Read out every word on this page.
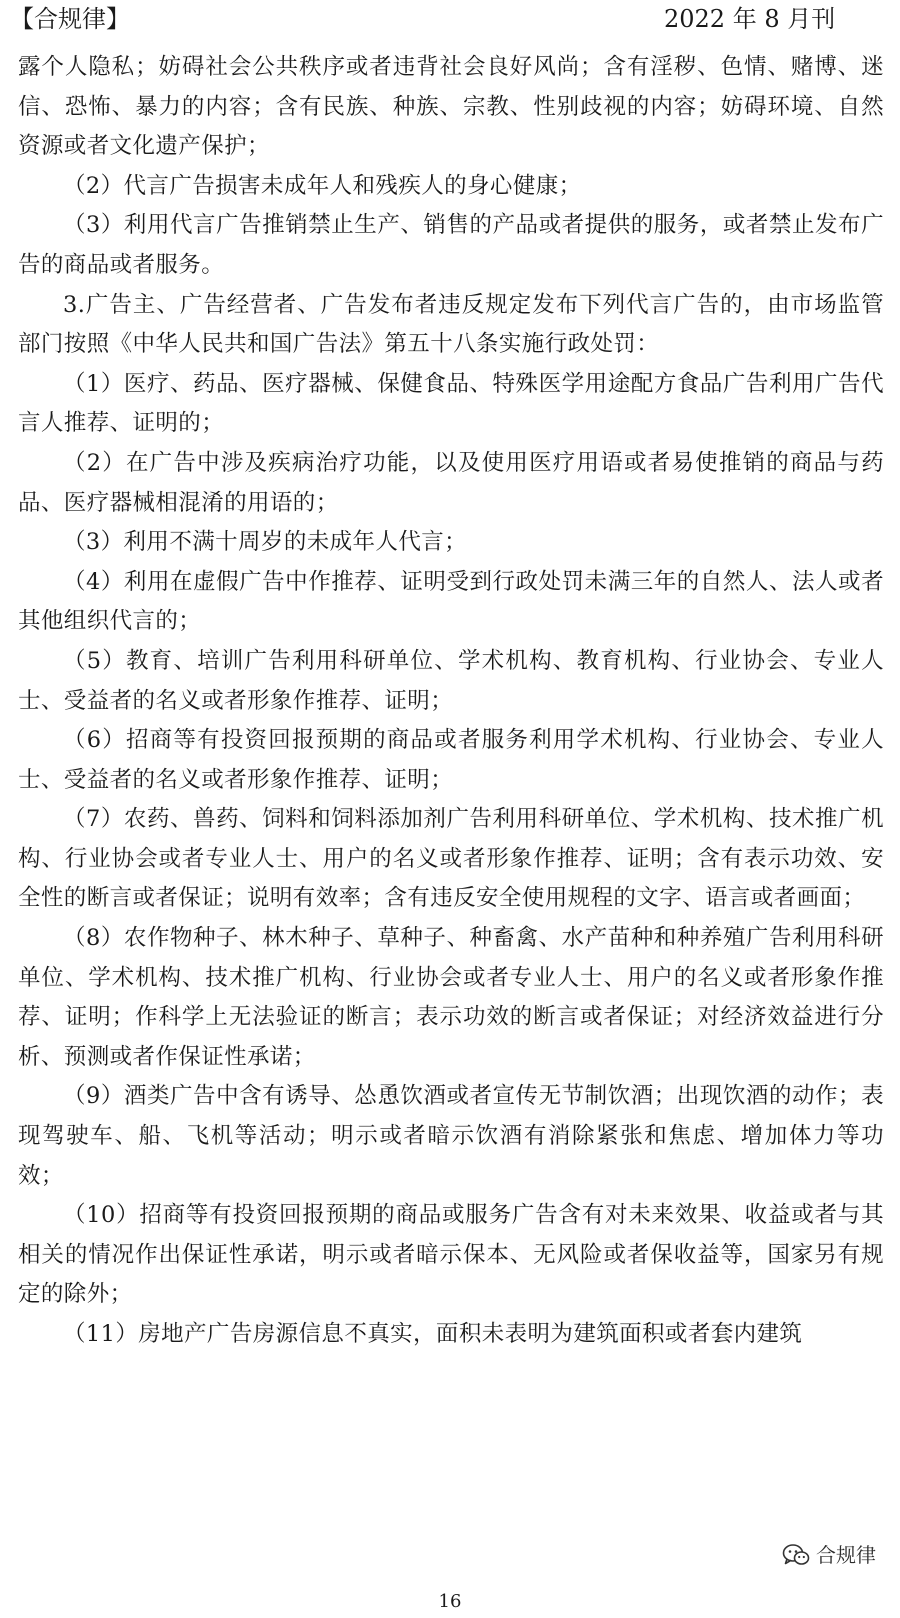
【合规律】	2022 年 8 月刊

露个人隐私；妨碍社会公共秩序或者违背社会良好风尚；含有淫秽、色情、赌博、迷信、恐怖、暴力的内容；含有民族、种族、宗教、性别歧视的内容；妨碍环境、自然资源或者文化遗产保护；

（2）代言广告损害未成年人和残疾人的身心健康；

（3）利用代言广告推销禁止生产、销售的产品或者提供的服务，或者禁止发布广告的商品或者服务。

3.广告主、广告经营者、广告发布者违反规定发布下列代言广告的，由市场监管部门按照《中华人民共和国广告法》第五十八条实施行政处罚：

（1）医疗、药品、医疗器械、保健食品、特殊医学用途配方食品广告利用广告代言人推荐、证明的；

（2）在广告中涉及疾病治疗功能，以及使用医疗用语或者易使推销的商品与药品、医疗器械相混淆的用语的；

（3）利用不满十周岁的未成年人代言；

（4）利用在虚假广告中作推荐、证明受到行政处罚未满三年的自然人、法人或者其他组织代言的；

（5）教育、培训广告利用科研单位、学术机构、教育机构、行业协会、专业人士、受益者的名义或者形象作推荐、证明；

（6）招商等有投资回报预期的商品或者服务利用学术机构、行业协会、专业人士、受益者的名义或者形象作推荐、证明；

（7）农药、兽药、饲料和饲料添加剂广告利用科研单位、学术机构、技术推广机构、行业协会或者专业人士、用户的名义或者形象作推荐、证明；含有表示功效、安全性的断言或者保证；说明有效率；含有违反安全使用规程的文字、语言或者画面；

（8）农作物种子、林木种子、草种子、种畜禽、水产苗种和种养殖广告利用科研单位、学术机构、技术推广机构、行业协会或者专业人士、用户的名义或者形象作推荐、证明；作科学上无法验证的断言；表示功效的断言或者保证；对经济效益进行分析、预测或者作保证性承诺；

（9）酒类广告中含有诱导、怂恿饮酒或者宣传无节制饮酒；出现饮酒的动作；表现驾驶车、船、飞机等活动；明示或者暗示饮酒有消除紧张和焦虑、增加体力等功效；

（10）招商等有投资回报预期的商品或服务广告含有对未来效果、收益或者与其相关的情况作出保证性承诺，明示或者暗示保本、无风险或者保收益等，国家另有规定的除外；

（11）房地产广告房源信息不真实，面积未表明为建筑面积或者套内建筑

合规律
16
